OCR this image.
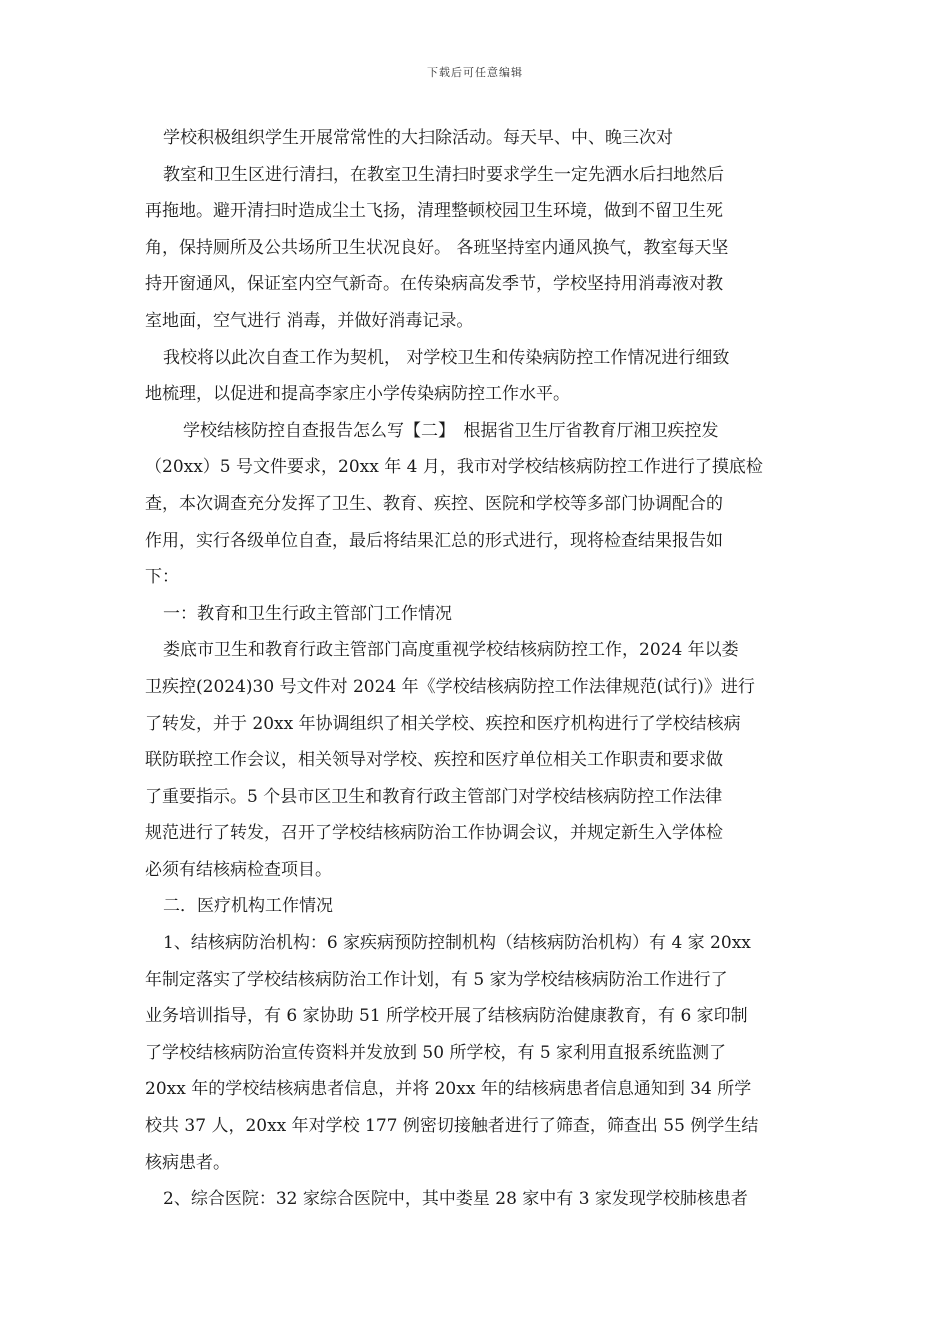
下载后可任意编辑
学校积极组织学生开展常常性的大扫除活动。每天早、中、晚三次对
教室和卫生区进行清扫，在教室卫生清扫时要求学生一定先洒水后扫地然后
再拖地。避开清扫时造成尘土飞扬，清理整顿校园卫生环境，做到不留卫生死
角，保持厕所及公共场所卫生状况良好。 各班坚持室内通风换气，教室每天坚
持开窗通风，保证室内空气新奇。在传染病高发季节，学校坚持用消毒液对教
室地面，空气进行 消毒，并做好消毒记录。
我校将以此次自查工作为契机， 对学校卫生和传染病防控工作情况进行细致
地梳理，以促进和提高李家庄小学传染病防控工作水平。
学校结核防控自查报告怎么写【二】　根据省卫生厅省教育厅湘卫疾控发
（20xx）5 号文件要求，20xx 年 4 月，我市对学校结核病防控工作进行了摸底检
查，本次调查充分发挥了卫生、教育、疾控、医院和学校等多部门协调配合的
作用，实行各级单位自查，最后将结果汇总的形式进行，现将检查结果报告如
下：
一：教育和卫生行政主管部门工作情况
娄底市卫生和教育行政主管部门高度重视学校结核病防控工作，2024 年以娄
卫疾控(2024)30 号文件对 2024 年《学校结核病防控工作法律规范(试行)》进行
了转发，并于 20xx 年协调组织了相关学校、疾控和医疗机构进行了学校结核病
联防联控工作会议，相关领导对学校、疾控和医疗单位相关工作职责和要求做
了重要指示。5 个县市区卫生和教育行政主管部门对学校结核病防控工作法律
规范进行了转发，召开了学校结核病防治工作协调会议，并规定新生入学体检
必须有结核病检查项目。
二．医疗机构工作情况
1、结核病防治机构：6 家疾病预防控制机构（结核病防治机构）有 4 家 20xx
年制定落实了学校结核病防治工作计划，有 5 家为学校结核病防治工作进行了
业务培训指导，有 6 家协助 51 所学校开展了结核病防治健康教育，有 6 家印制
了学校结核病防治宣传资料并发放到 50 所学校，有 5 家利用直报系统监测了
20xx 年的学校结核病患者信息，并将 20xx 年的结核病患者信息通知到 34 所学
校共 37 人，20xx 年对学校 177 例密切接触者进行了筛查，筛查出 55 例学生结
核病患者。
2、综合医院：32 家综合医院中，其中娄星 28 家中有 3 家发现学校肺核患者
